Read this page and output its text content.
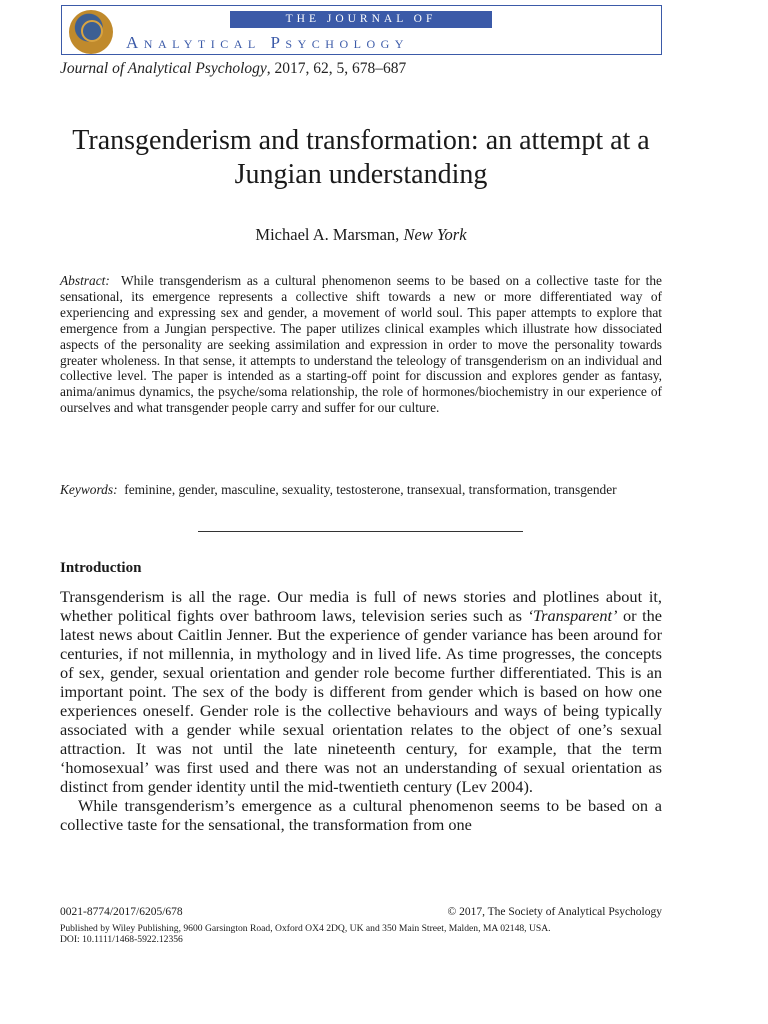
THE JOURNAL OF
Analytical Psychology
Journal of Analytical Psychology, 2017, 62, 5, 678–687
Transgenderism and transformation: an attempt at a Jungian understanding
Michael A. Marsman, New York
Abstract: While transgenderism as a cultural phenomenon seems to be based on a collective taste for the sensational, its emergence represents a collective shift towards a new or more differentiated way of experiencing and expressing sex and gender, a movement of world soul. This paper attempts to explore that emergence from a Jungian perspective. The paper utilizes clinical examples which illustrate how dissociated aspects of the personality are seeking assimilation and expression in order to move the personality towards greater wholeness. In that sense, it attempts to understand the teleology of transgenderism on an individual and collective level. The paper is intended as a starting-off point for discussion and explores gender as fantasy, anima/animus dynamics, the psyche/soma relationship, the role of hormones/biochemistry in our experience of ourselves and what transgender people carry and suffer for our culture.
Keywords: feminine, gender, masculine, sexuality, testosterone, transexual, transformation, transgender
Introduction

Transgenderism is all the rage. Our media is full of news stories and plotlines about it, whether political fights over bathroom laws, television series such as ‘Transparent’ or the latest news about Caitlin Jenner. But the experience of gender variance has been around for centuries, if not millennia, in mythology and in lived life. As time progresses, the concepts of sex, gender, sexual orientation and gender role become further differentiated. This is an important point. The sex of the body is different from gender which is based on how one experiences oneself. Gender role is the collective behaviours and ways of being typically associated with a gender while sexual orientation relates to the object of one’s sexual attraction. It was not until the late nineteenth century, for example, that the term ‘homosexual’ was first used and there was not an understanding of sexual orientation as distinct from gender identity until the mid-twentieth century (Lev 2004).

While transgenderism’s emergence as a cultural phenomenon seems to be based on a collective taste for the sensational, the transformation from one

0021-8774/2017/6205/678	© 2017, The Society of Analytical Psychology
Published by Wiley Publishing, 9600 Garsington Road, Oxford OX4 2DQ, UK and 350 Main Street, Malden, MA 02148, USA.
DOI: 10.1111/1468-5922.12356
